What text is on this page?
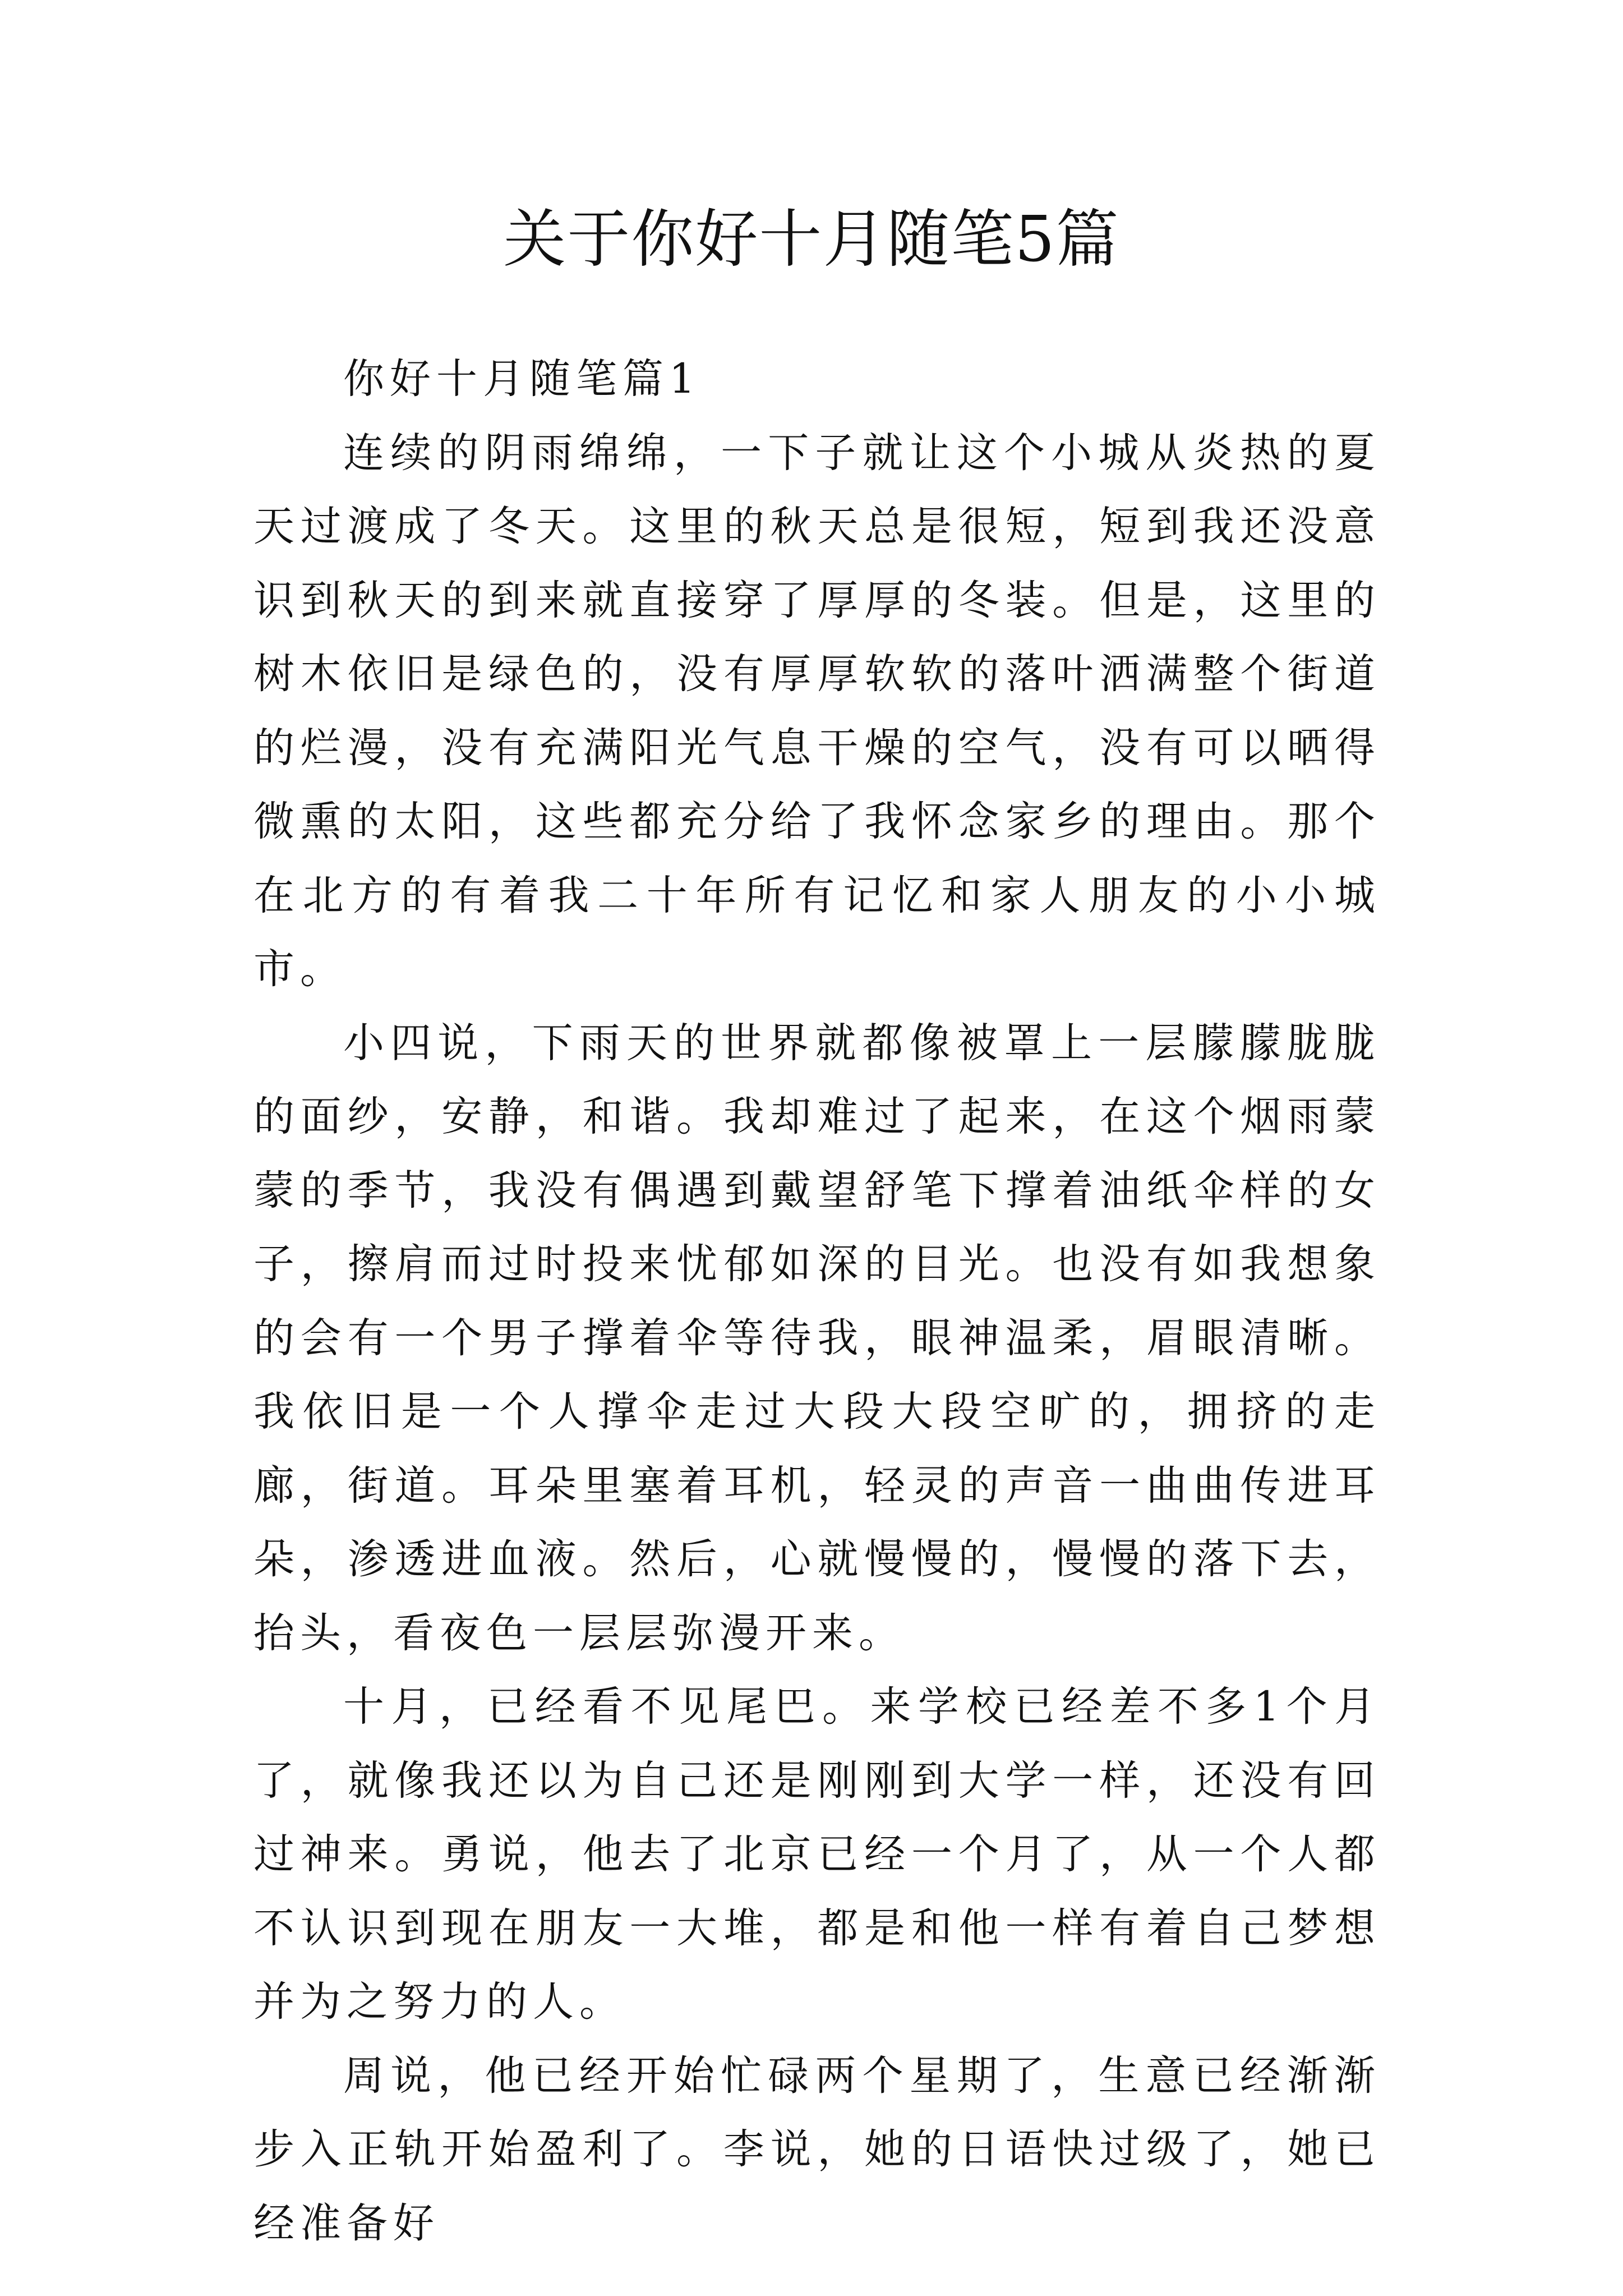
关于你好十月随笔5篇

你好十月随笔篇1

连续的阴雨绵绵，一下子就让这个小城从炎热的夏天过渡成了冬天。这里的秋天总是很短，短到我还没意识到秋天的到来就直接穿了厚厚的冬装。但是，这里的树木依旧是绿色的，没有厚厚软软的落叶洒满整个街道的烂漫，没有充满阳光气息干燥的空气，没有可以晒得微熏的太阳，这些都充分给了我怀念家乡的理由。那个在北方的有着我二十年所有记忆和家人朋友的小小城市。

小四说，下雨天的世界就都像被罩上一层朦朦胧胧的面纱，安静，和谐。我却难过了起来，在这个烟雨蒙蒙的季节，我没有偶遇到戴望舒笔下撑着油纸伞样的女子，擦肩而过时投来忧郁如深的目光。也没有如我想象的会有一个男子撑着伞等待我，眼神温柔，眉眼清晰。我依旧是一个人撑伞走过大段大段空旷的，拥挤的走廊，街道。耳朵里塞着耳机，轻灵的声音一曲曲传进耳朵，渗透进血液。然后，心就慢慢的，慢慢的落下去，抬头，看夜色一层层弥漫开来。

十月，已经看不见尾巴。来学校已经差不多1个月了，就像我还以为自己还是刚刚到大学一样，还没有回过神来。勇说，他去了北京已经一个月了，从一个人都不认识到现在朋友一大堆，都是和他一样有着自己梦想并为之努力的人。

周说，他已经开始忙碌两个星期了，生意已经渐渐步入正轨开始盈利了。李说，她的日语快过级了，她已经准备好
